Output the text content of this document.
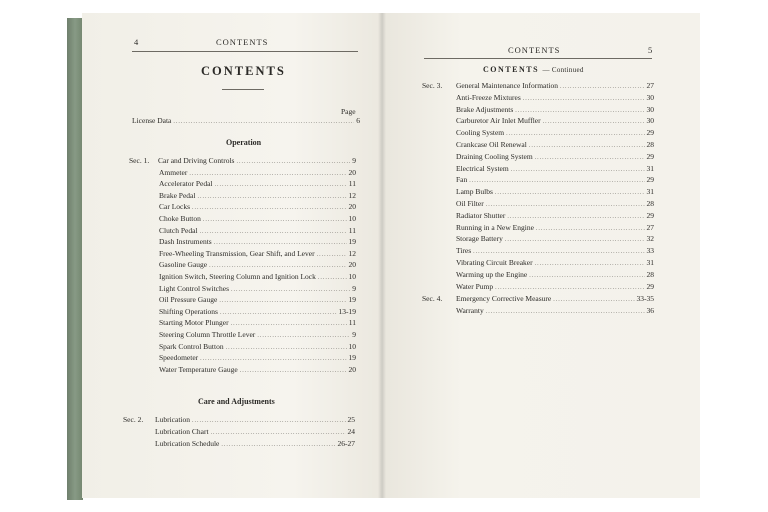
4	CONTENTS
CONTENTS
Page
License Data .....	6
Operation
Sec. 1. Car and Driving Controls .....	9
Ammeter .....	20
Accelerator Pedal .....	11
Brake Pedal .....	12
Car Locks .....	20
Choke Button .....	10
Clutch Pedal .....	11
Dash Instruments .....	19
Free-Wheeling Transmission, Gear Shift, and Lever .....	12
Gasoline Gauge .....	20
Ignition Switch, Steering Column and Ignition Lock .....	10
Light Control Switches .....	9
Oil Pressure Gauge .....	19
Shifting Operations .....	13-19
Starting Motor Plunger .....	11
Steering Column Throttle Lever .....	9
Spark Control Button .....	10
Speedometer .....	19
Water Temperature Gauge .....	20
Care and Adjustments
Sec. 2. Lubrication .....	25
Lubrication Chart .....	24
Lubrication Schedule .....	26-27
CONTENTS	5
CONTENTS — Continued
Sec. 3. General Maintenance Information .....	27
Anti-Freeze Mixtures .....	30
Brake Adjustments .....	30
Carburetor Air Inlet Muffler .....	30
Cooling System .....	29
Crankcase Oil Renewal .....	28
Draining Cooling System .....	29
Electrical System .....	31
Fan .....	29
Lamp Bulbs .....	31
Oil Filter .....	28
Radiator Shutter .....	29
Running in a New Engine .....	27
Storage Battery .....	32
Tires .....	33
Vibrating Circuit Breaker .....	31
Warming up the Engine .....	28
Water Pump .....	29
Sec. 4. Emergency Corrective Measure .....	33-35
Warranty .....	36
